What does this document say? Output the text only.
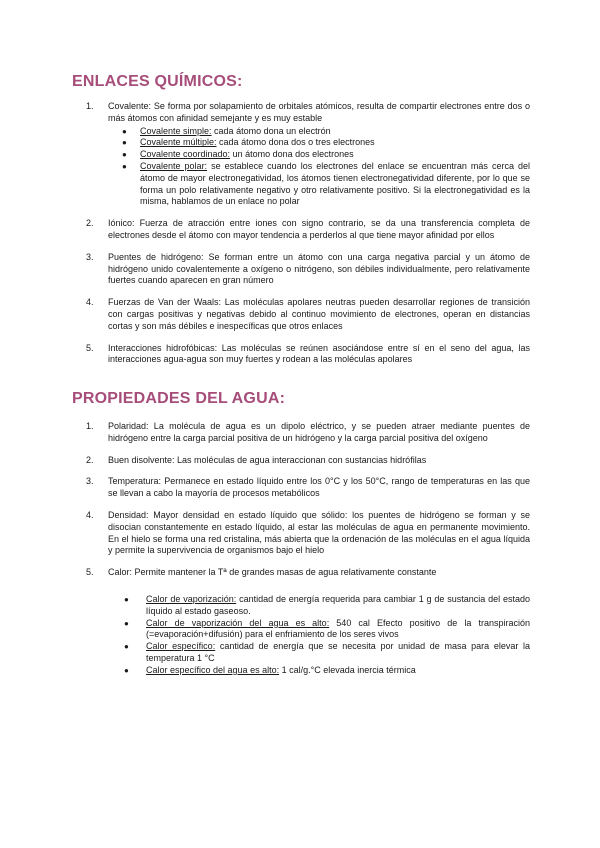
ENLACES QUÍMICOS:
1.	Covalente: Se forma por solapamiento de orbitales atómicos, resulta de compartir electrones entre dos o más átomos con afinidad semejante y es muy estable
●	Covalente simple: cada átomo dona un electrón
●	Covalente múltiple: cada átomo dona dos o tres electrones
●	Covalente coordinado: un átomo dona dos electrones
●	Covalente polar: se establece cuando los electrones del enlace se encuentran más cerca del átomo de mayor electronegatividad, los átomos tienen electronegatividad diferente, por lo que se forma un polo relativamente negativo y otro relativamente positivo. Si la electronegatividad es la misma, hablamos de un enlace no polar
2.	Iónico: Fuerza de atracción entre iones con signo contrario, se da una transferencia completa de electrones desde el átomo con mayor tendencia a perderlos al que tiene mayor afinidad por ellos
3.	Puentes de hidrógeno: Se forman entre un átomo con una carga negativa parcial y un átomo de hidrógeno unido covalentemente a oxígeno o nitrógeno, son débiles individualmente, pero relativamente fuertes cuando aparecen en gran número
4.	Fuerzas de Van der Waals: Las moléculas apolares neutras pueden desarrollar regiones de transición con cargas positivas y negativas debido al continuo movimiento de electrones, operan en distancias cortas y son más débiles e inespecíficas que otros enlaces
5.	Interacciones hidrofóbicas: Las moléculas se reúnen asociándose entre sí en el seno del agua, las interacciones agua-agua son muy fuertes y rodean a las moléculas apolares
PROPIEDADES DEL AGUA:
1.	Polaridad: La molécula de agua es un dipolo eléctrico, y se pueden atraer mediante puentes de hidrógeno entre la carga parcial positiva de un hidrógeno y la carga parcial positiva del oxígeno
2.	Buen disolvente: Las moléculas de agua interaccionan con sustancias hidrófilas
3.	Temperatura: Permanece en estado líquido entre los 0°C y los 50°C, rango de temperaturas en las que se llevan a cabo la mayoría de procesos metabólicos
4.	Densidad: Mayor densidad en estado líquido que sólido: los puentes de hidrógeno se forman y se disocian constantemente en estado líquido, al estar las moléculas de agua en permanente movimiento. En el hielo se forma una red cristalina, más abierta que la ordenación de las moléculas en el agua líquida y permite la supervivencia de organismos bajo el hielo
5.	Calor: Permite mantener la Tª de grandes masas de agua relativamente constante
●	Calor de vaporización: cantidad de energía requerida para cambiar 1 g de sustancia del estado líquido al estado gaseoso.
●	Calor de vaporización del agua es alto: 540 cal Efecto positivo de la transpiración (=evaporación+difusión) para el enfriamiento de los seres vivos
●	Calor específico: cantidad de energía que se necesita por unidad de masa para elevar la temperatura 1 °C
●	Calor específico del agua es alto: 1 cal/g.°C elevada inercia térmica
